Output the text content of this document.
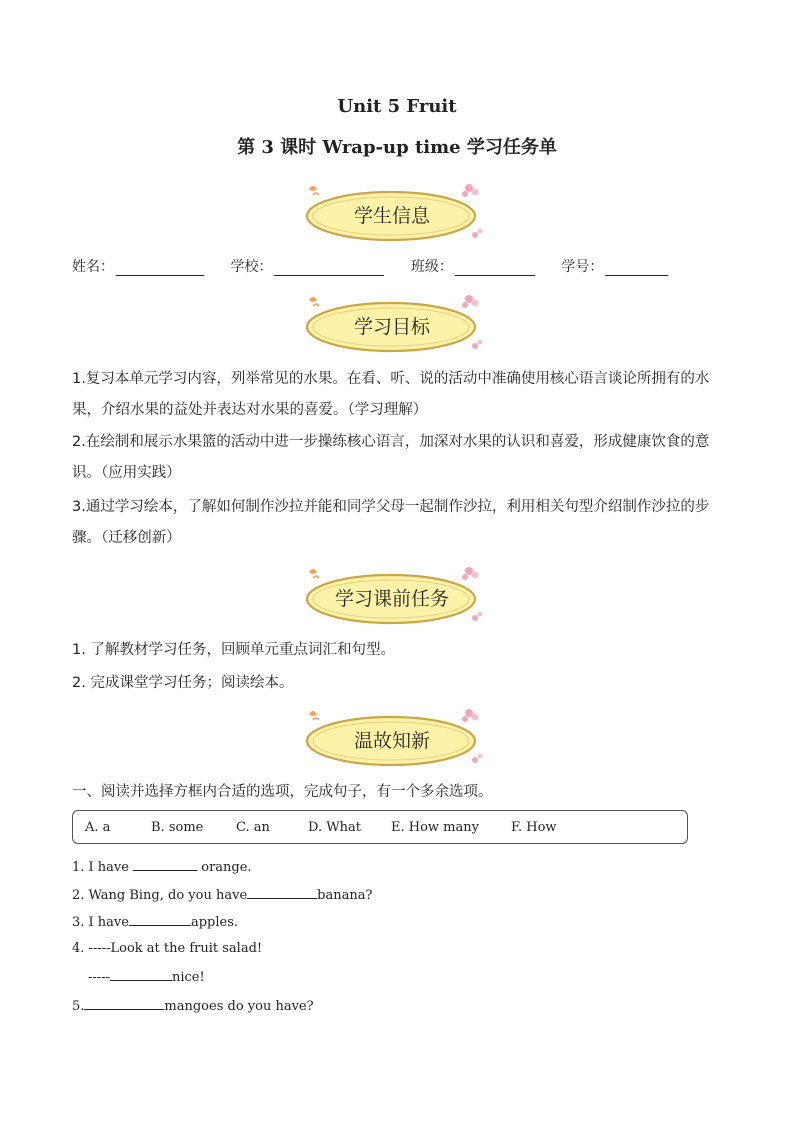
Unit 5 Fruit
第 3 课时 Wrap-up time 学习任务单
学生信息
姓名：	学校：	班级：	学号：
学习目标
1.复习本单元学习内容，列举常见的水果。在看、听、说的活动中准确使用核心语言谈论所拥有的水果，介绍水果的益处并表达对水果的喜爱。（学习理解）
2.在绘制和展示水果篮的活动中进一步操练核心语言，加深对水果的认识和喜爱，形成健康饮食的意识。（应用实践）
3.通过学习绘本，了解如何制作沙拉并能和同学父母一起制作沙拉，利用相关句型介绍制作沙拉的步骤。（迁移创新）
学习课前任务
1. 了解教材学习任务，回顾单元重点词汇和句型。
2. 完成课堂学习任务；阅读绘本。
温故知新
一、阅读并选择方框内合适的选项，完成句子，有一个多余选项。
A. a	B. some	C. an	D. What E. How many F. How
1. I have	orange.
2. Wang Bing, do you have	banana?
3. I have	apples.
4. -----Look at the fruit salad!
-----	nice!
5.	mangoes do you have?
